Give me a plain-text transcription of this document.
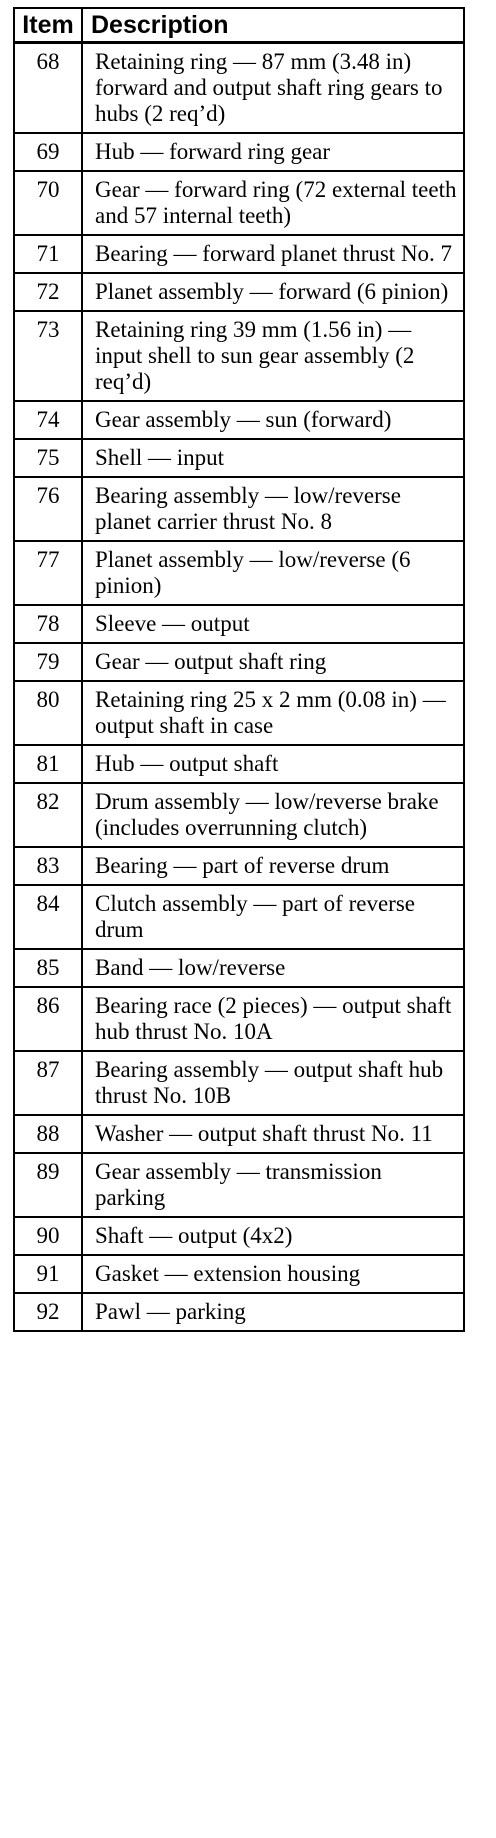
Item	Description
68	Retaining ring — 87 mm (3.48 in) forward and output shaft ring gears to hubs (2 req’d)
69	Hub — forward ring gear
70	Gear — forward ring (72 external teeth and 57 internal teeth)
71	Bearing — forward planet thrust No. 7
72	Planet assembly — forward (6 pinion)
73	Retaining ring 39 mm (1.56 in) — input shell to sun gear assembly (2 req’d)
74	Gear assembly — sun (forward)
75	Shell — input
76	Bearing assembly — low/reverse planet carrier thrust No. 8
77	Planet assembly — low/reverse (6 pinion)
78	Sleeve — output
79	Gear — output shaft ring
80	Retaining ring 25 x 2 mm (0.08 in) — output shaft in case
81	Hub — output shaft
82	Drum assembly — low/reverse brake (includes overrunning clutch)
83	Bearing — part of reverse drum
84	Clutch assembly — part of reverse drum
85	Band — low/reverse
86	Bearing race (2 pieces) — output shaft hub thrust No. 10A
87	Bearing assembly — output shaft hub thrust No. 10B
88	Washer — output shaft thrust No. 11
89	Gear assembly — transmission parking
90	Shaft — output (4x2)
91	Gasket — extension housing
92	Pawl — parking
